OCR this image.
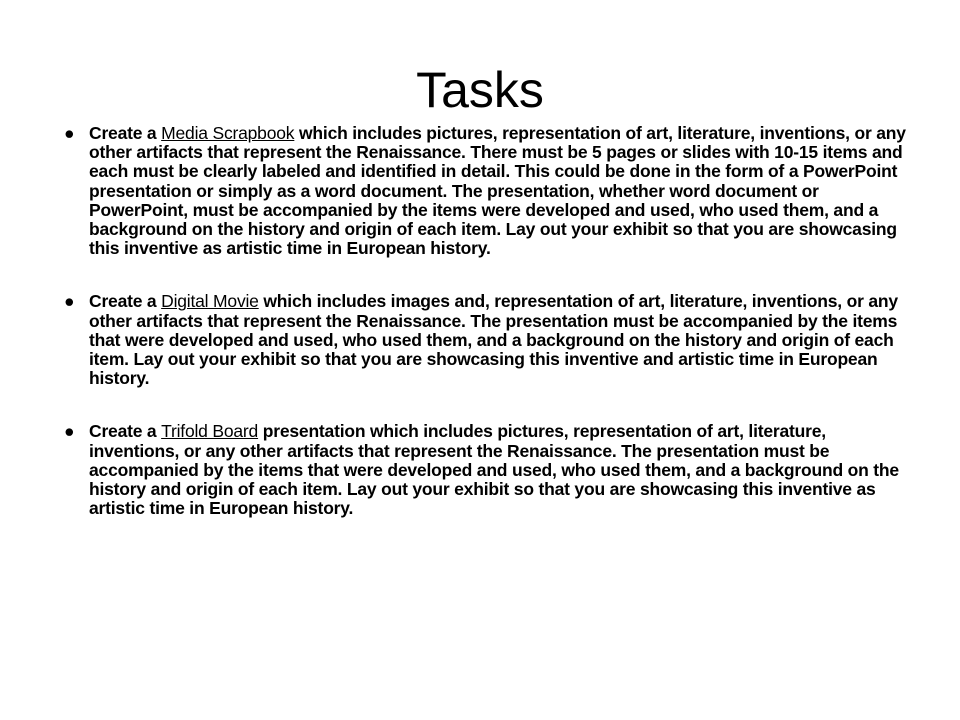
Tasks
● Create a Media Scrapbook which includes pictures, representation of art, literature, inventions, or any other artifacts that represent the Renaissance. There must be 5 pages or slides with 10-15 items and each must be clearly labeled and identified in detail. This could be done in the form of a PowerPoint presentation or simply as a word document. The presentation, whether word document or PowerPoint, must be accompanied by the items were developed and used, who used them, and a background on the history and origin of each item. Lay out your exhibit so that you are showcasing this inventive as artistic time in European history.
● Create a Digital Movie which includes images and, representation of art, literature, inventions, or any other artifacts that represent the Renaissance. The presentation must be accompanied by the items that were developed and used, who used them, and a background on the history and origin of each item. Lay out your exhibit so that you are showcasing this inventive and artistic time in European history.
● Create a Trifold Board presentation which includes pictures, representation of art, literature, inventions, or any other artifacts that represent the Renaissance. The presentation must be accompanied by the items that were developed and used, who used them, and a background on the history and origin of each item. Lay out your exhibit so that you are showcasing this inventive as artistic time in European history.
